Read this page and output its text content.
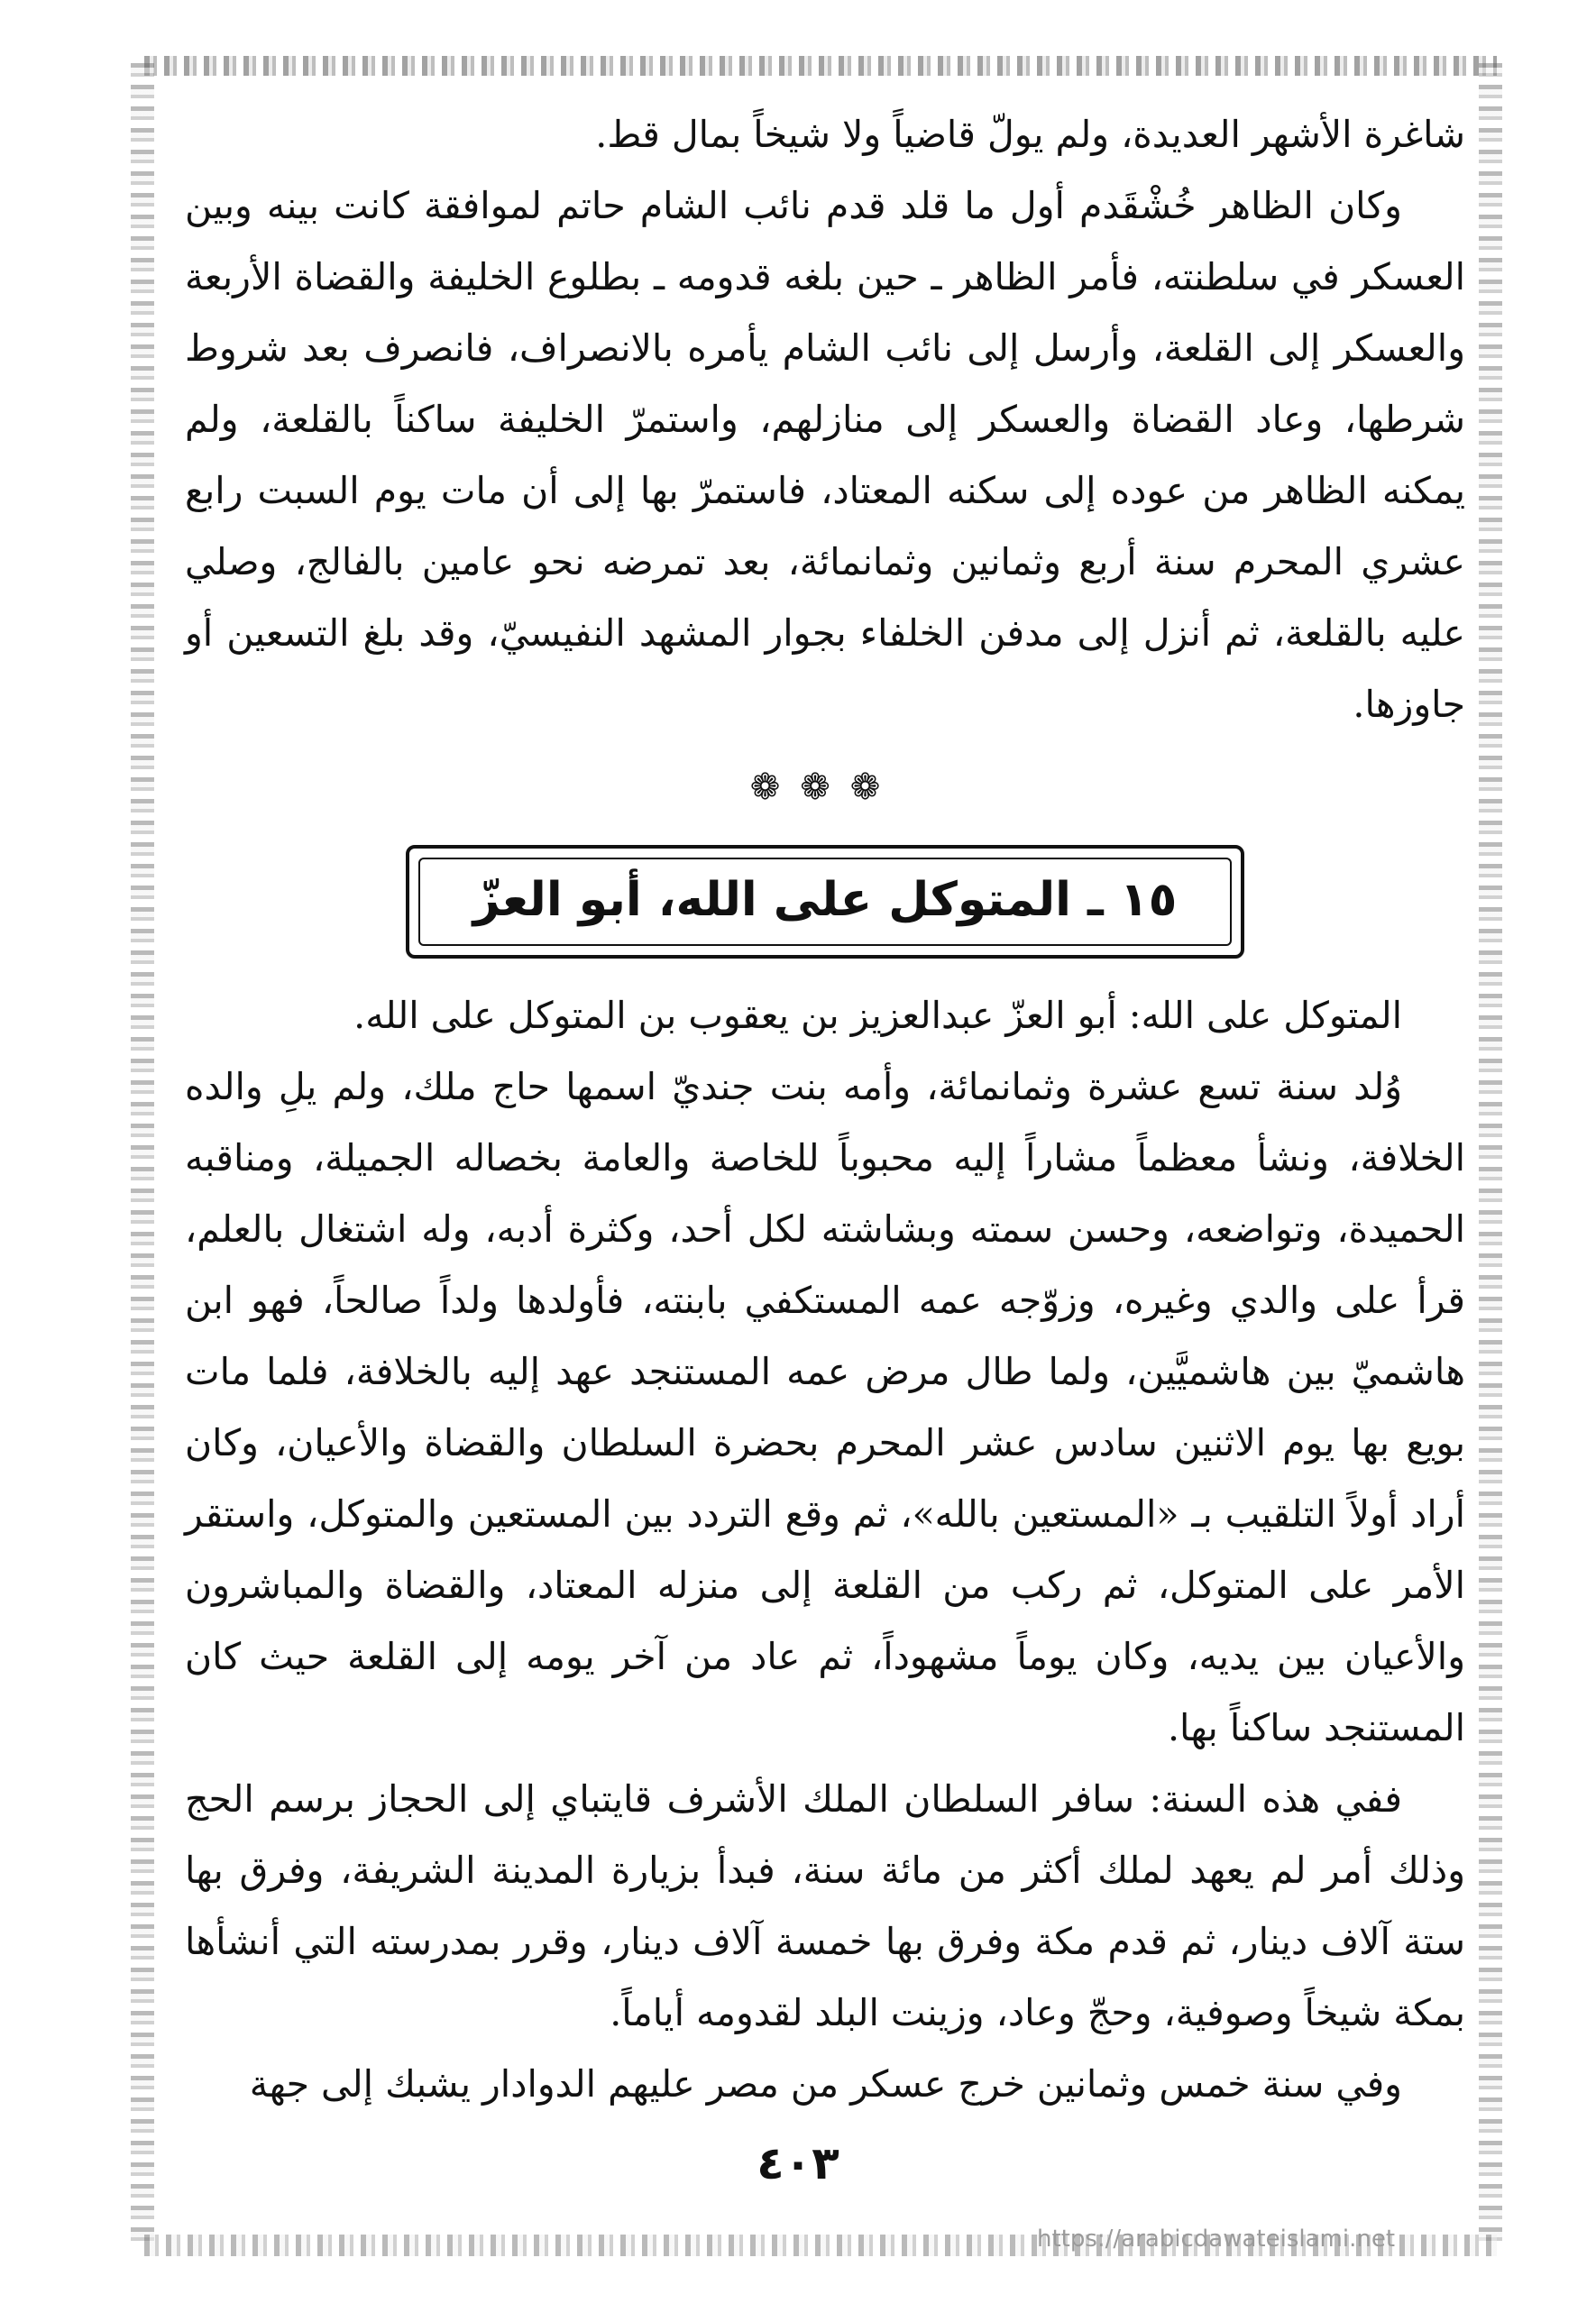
شاغرة الأشهر العديدة، ولم يولّ قاضياً ولا شيخاً بمال قط.

وكان الظاهر خُشْقَدم أول ما قلد قدم نائب الشام حاتم لموافقة كانت بينه وبين العسكر في سلطنته، فأمر الظاهر ـ حين بلغه قدومه ـ بطلوع الخليفة والقضاة الأربعة والعسكر إلى القلعة، وأرسل إلى نائب الشام يأمره بالانصراف، فانصرف بعد شروط شرطها، وعاد القضاة والعسكر إلى منازلهم، واستمرّ الخليفة ساكناً بالقلعة، ولم يمكنه الظاهر من عوده إلى سكنه المعتاد، فاستمرّ بها إلى أن مات يوم السبت رابع عشري المحرم سنة أربع وثمانين وثمانمائة، بعد تمرضه نحو عامين بالفالج، وصلي عليه بالقلعة، ثم أنزل إلى مدفن الخلفاء بجوار المشهد النفيسيّ، وقد بلغ التسعين أو جاوزها.

❁❁❁
١٥ ـ المتوكل على الله، أبو العزّ

المتوكل على الله: أبو العزّ عبدالعزيز بن يعقوب بن المتوكل على الله.

وُلد سنة تسع عشرة وثمانمائة، وأمه بنت جنديّ اسمها حاج ملك، ولم يلِ والده الخلافة، ونشأ معظماً مشاراً إليه محبوباً للخاصة والعامة بخصاله الجميلة، ومناقبه الحميدة، وتواضعه، وحسن سمته وبشاشته لكل أحد، وكثرة أدبه، وله اشتغال بالعلم، قرأ على والدي وغيره، وزوّجه عمه المستكفي بابنته، فأولدها ولداً صالحاً، فهو ابن هاشميّ بين هاشميَّين، ولما طال مرض عمه المستنجد عهد إليه بالخلافة، فلما مات بويع بها يوم الاثنين سادس عشر المحرم بحضرة السلطان والقضاة والأعيان، وكان أراد أولاً التلقيب بـ «المستعين بالله»، ثم وقع التردد بين المستعين والمتوكل، واستقر الأمر على المتوكل، ثم ركب من القلعة إلى منزله المعتاد، والقضاة والمباشرون والأعيان بين يديه، وكان يوماً مشهوداً، ثم عاد من آخر يومه إلى القلعة حيث كان المستنجد ساكناً بها.

ففي هذه السنة: سافر السلطان الملك الأشرف قايتباي إلى الحجاز برسم الحج وذلك أمر لم يعهد لملك أكثر من مائة سنة، فبدأ بزيارة المدينة الشريفة، وفرق بها ستة آلاف دينار، ثم قدم مكة وفرق بها خمسة آلاف دينار، وقرر بمدرسته التي أنشأها بمكة شيخاً وصوفية، وحجّ وعاد، وزينت البلد لقدومه أياماً.

وفي سنة خمس وثمانين خرج عسكر من مصر عليهم الدوادار يشبك إلى جهة

٤٠٣
https://arabicdawateislami.net
